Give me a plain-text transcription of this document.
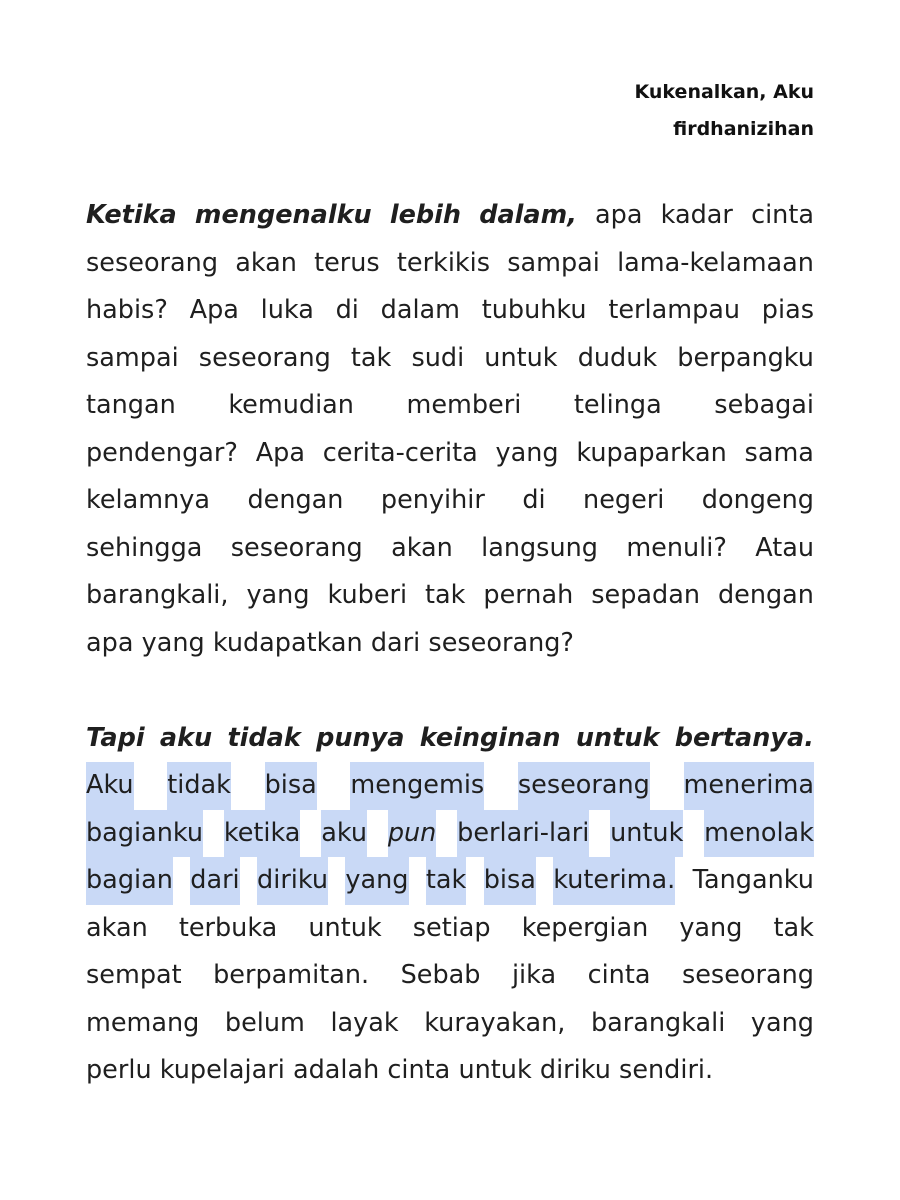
Kukenalkan, Aku
firdhanizihan
Ketika mengenalku lebih dalam, apa kadar cinta
seseorang akan terus terkikis sampai lama-kelamaan
habis? Apa luka di dalam tubuhku terlampau pias
sampai seseorang tak sudi untuk duduk berpangku
tangan kemudian memberi telinga sebagai
pendengar? Apa cerita-cerita yang kupaparkan sama
kelamnya dengan penyihir di negeri dongeng
sehingga seseorang akan langsung menuli? Atau
barangkali, yang kuberi tak pernah sepadan dengan
apa yang kudapatkan dari seseorang?
Tapi aku tidak punya keinginan untuk bertanya.
Aku tidak bisa mengemis seseorang menerima
bagianku ketika aku pun berlari-lari untuk menolak
bagian dari diriku yang tak bisa kuterima. Tanganku
akan terbuka untuk setiap kepergian yang tak
sempat berpamitan. Sebab jika cinta seseorang
memang belum layak kurayakan, barangkali yang
perlu kupelajari adalah cinta untuk diriku sendiri.
